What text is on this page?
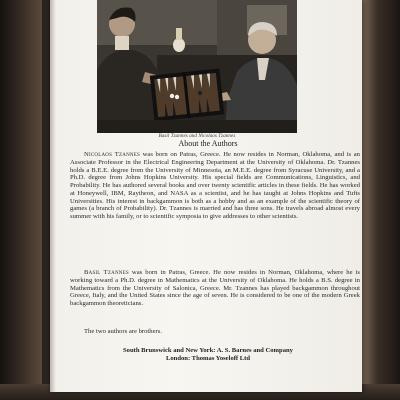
Basil Tzannes and Nicolaos Tzannes
About the Authors

Nicolaos Tzannes was born on Patras, Greece. He now resides in Norman, Oklahoma, and is an Associate Professor in the Electrical Engineering Department at the University of Oklahoma. Dr. Tzannes holds a B.E.E. degree from the University of Minnesota, an M.E.E. degree from Syracuse University, and a Ph.D. degree from Johns Hopkins University. His special fields are Communications, Linguistics, and Probability. He has authored several books and over twenty scientific articles in these fields. He has worked at Honeywell, IBM, Raytheon, and NASA as a scientist, and he has taught at Johns Hopkins and Tufts Universities. His interest in backgammon is both as a hobby and as an example of the scientific theory of games (a branch of Probability). Dr. Tzannes is married and has three sons. He travels abroad almost every summer with his family, or to scientific symposia to give addresses to other scientists.

Basil Tzannes was born in Patras, Greece. He now resides in Norman, Oklahoma, where he is working toward a Ph.D. degree in Mathematics at the University of Oklahoma. He holds a B.S. degree in Mathematics from the University of Salonica, Greece. Mr. Tzannes has played backgammon throughout Greece, Italy, and the United States since the age of seven. He is considered to be one of the modern Greek backgammon theoreticians.

The two authors are brothers.

South Brunswick and New York: A. S. Barnes and Company
London: Thomas Yoseloff Ltd
